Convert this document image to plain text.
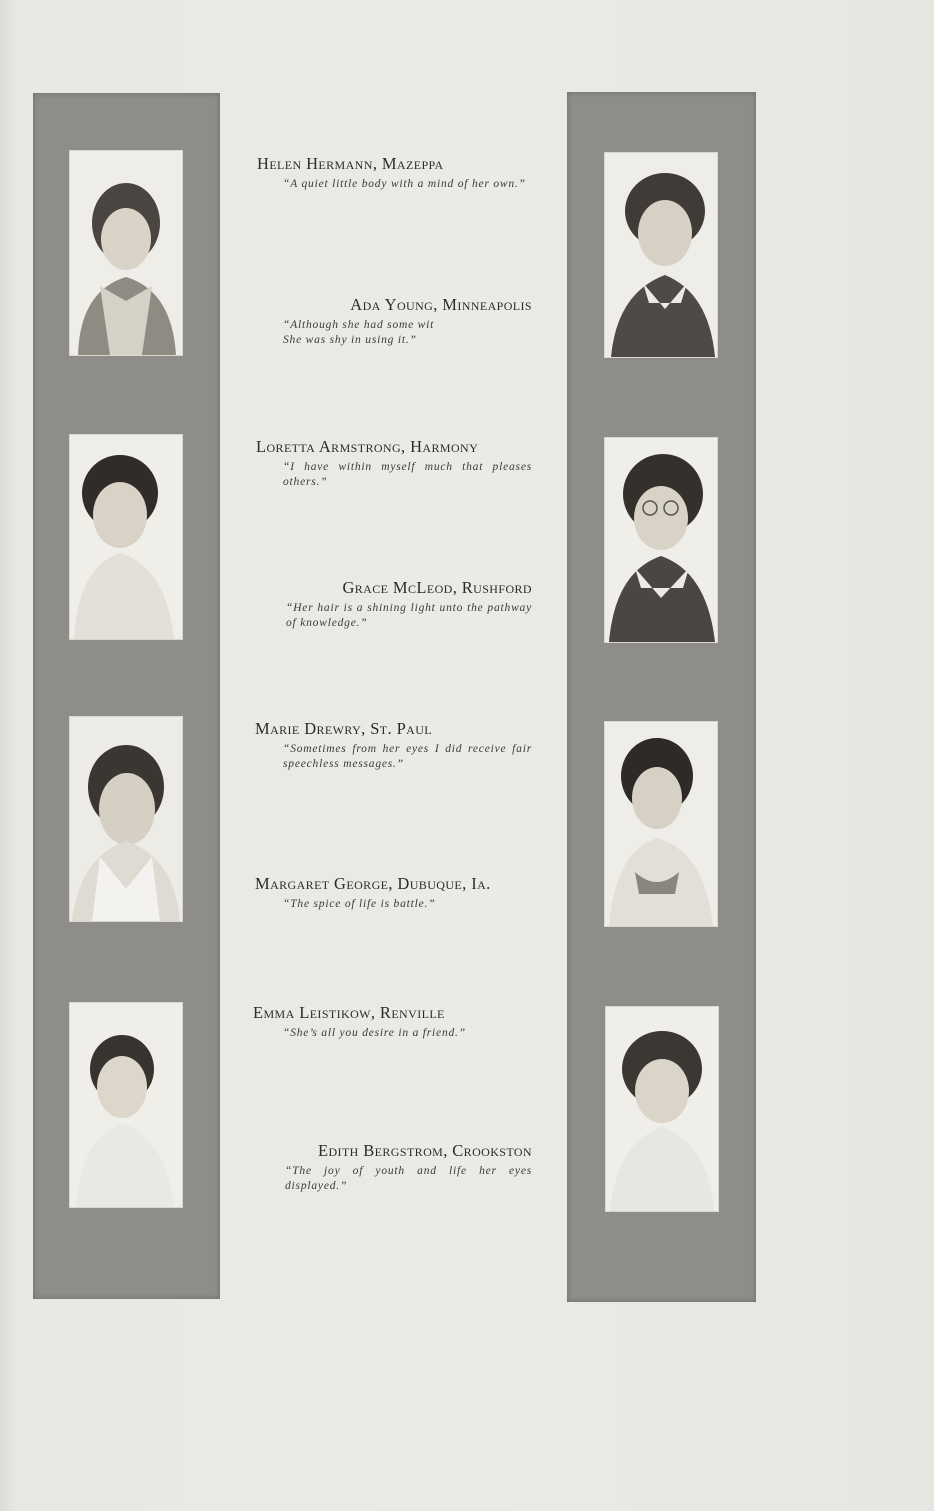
Helen Hermann, Mazeppa
“A quiet little body with a mind of her own.”
Ada Young, Minneapolis
“Although she had some wit
She was shy in using it.”
Loretta Armstrong, Harmony
“I have within myself much that pleases others.”
Grace McLeod, Rushford
“Her hair is a shining light unto the pathway of knowledge.”
Marie Drewry, St. Paul
“Sometimes from her eyes I did receive fair speechless messages.”
Margaret George, Dubuque, Ia.
“The spice of life is battle.”
Emma Leistikow, Renville
“She’s all you desire in a friend.”
Edith Bergstrom, Crookston
“The joy of youth and life her eyes displayed.”
